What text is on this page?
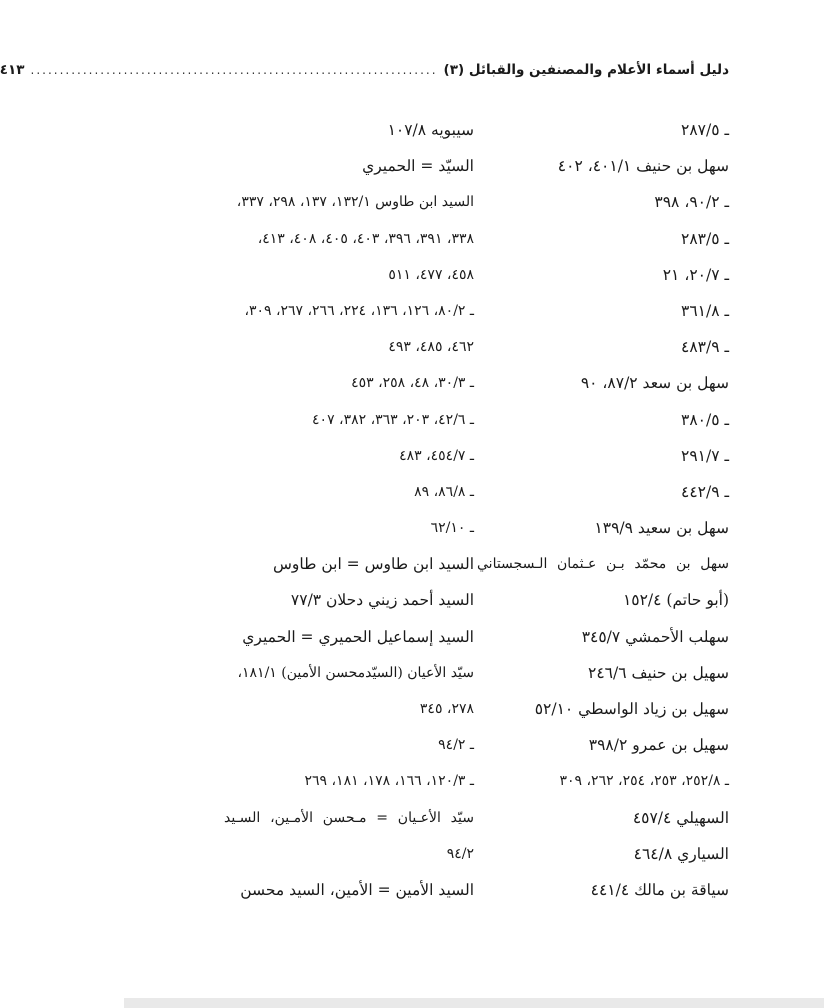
دليل أسماء الأعلام والمصنفين والقبائل (٣)
......................................................................
٤١٣
ـ ٢٨٧/٥
سهل بن حنيف ٤٠١/١، ٤٠٢
ـ ٩٠/٢، ٣٩٨
ـ ٢٨٣/٥
ـ ٢٠/٧، ٢١
ـ ٣٦١/٨
ـ ٤٨٣/٩
سهل بن سعد ٨٧/٢، ٩٠
ـ ٣٨٠/٥
ـ ٢٩١/٧
ـ ٤٤٢/٩
سهل بن سعيد ١٣٩/٩
سهل بن محمّد بـن عـثمان الـسجستاني
(أبو حاتم) ١٥٢/٤
سهلب الأحمشي ٣٤٥/٧
سهيل بن حنيف ٢٤٦/٦
سهيل بن زياد الواسطي ٥٢/١٠
سهيل بن عمرو ٣٩٨/٢
ـ ٢٥٢/٨، ٢٥٣، ٢٥٤، ٢٦٢، ٣٠٩
السهيلي ٤٥٧/٤
السياري ٤٦٤/٨
سياقة بن مالك ٤٤١/٤
سيبويه ١٠٧/٨
السيّد = الحميري
السيد ابن طاوس ١٣٢/١، ١٣٧، ٢٩٨، ٣٣٧،
٣٣٨، ٣٩١، ٣٩٦، ٤٠٣، ٤٠٥، ٤٠٨، ٤١٣،
٤٥٨، ٤٧٧، ٥١١
ـ ٨٠/٢، ١٢٦، ١٣٦، ٢٢٤، ٢٦٦، ٢٦٧، ٣٠٩،
٤٦٢، ٤٨٥، ٤٩٣
ـ ٣٠/٣، ٤٨، ٢٥٨، ٤٥٣
ـ ٤٢/٦، ٢٠٣، ٣٦٣، ٣٨٢، ٤٠٧
ـ ٤٥٤/٧، ٤٨٣
ـ ٨٦/٨، ٨٩
ـ ٦٢/١٠
السيد ابن طاوس = ابن طاوس
السيد أحمد زيني دحلان ٧٧/٣
السيد إسماعيل الحميري = الحميري
سيّد الأعيان (السيّدمحسن الأمين) ١٨١/١،
٢٧٨، ٣٤٥
ـ ٩٤/٢
ـ ١٢٠/٣، ١٦٦، ١٧٨، ١٨١، ٢٦٩
سيّد الأعـيان = مـحسن الأمـين، السـيد
٩٤/٢
السيد الأمين = الأمين، السيد محسن
